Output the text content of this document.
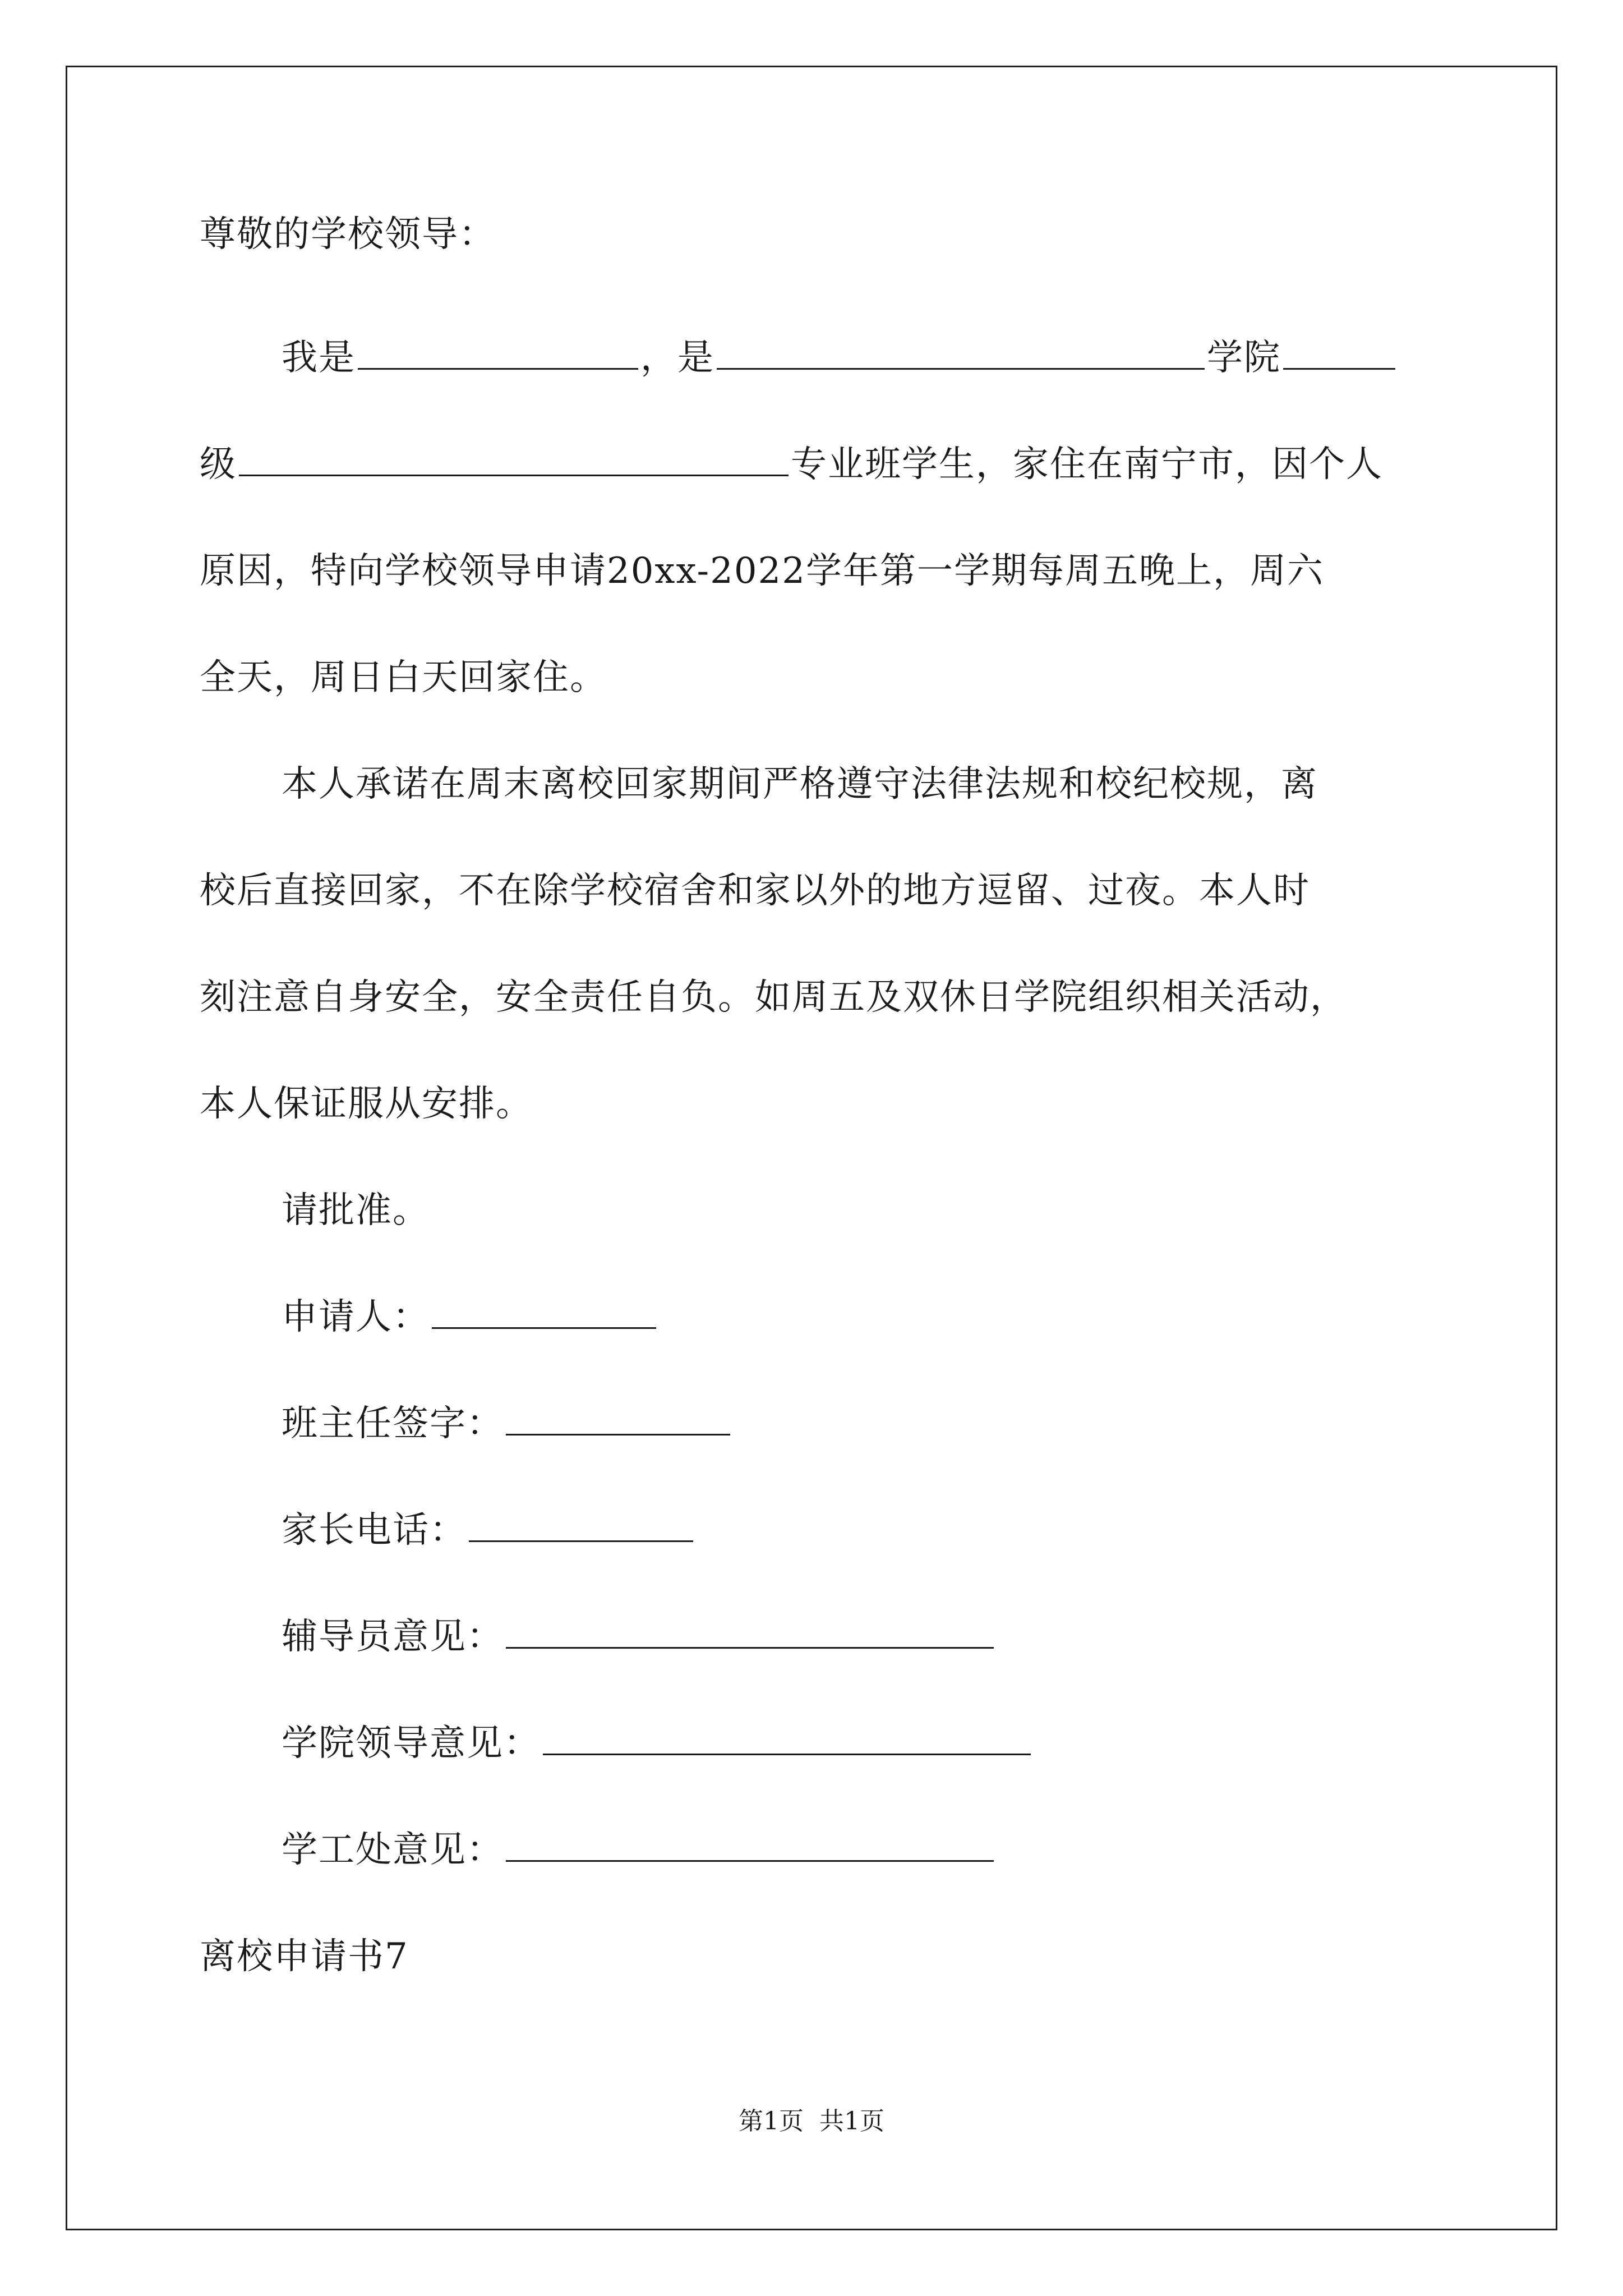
尊敬的学校领导：
我是	，是	学院
级	专业班学生，家住在南宁市，因个人
原因，特向学校领导申请20xx-2022学年第一学期每周五晚上，周六
全天，周日白天回家住。
本人承诺在周末离校回家期间严格遵守法律法规和校纪校规，离
校后直接回家，不在除学校宿舍和家以外的地方逗留、过夜。本人时
刻注意自身安全，安全责任自负。如周五及双休日学院组织相关活动，
本人保证服从安排。
请批准。
申请人：
班主任签字：
家长电话：
辅导员意见：
学院领导意见：
学工处意见：
离校申请书7
第1页  共1页
